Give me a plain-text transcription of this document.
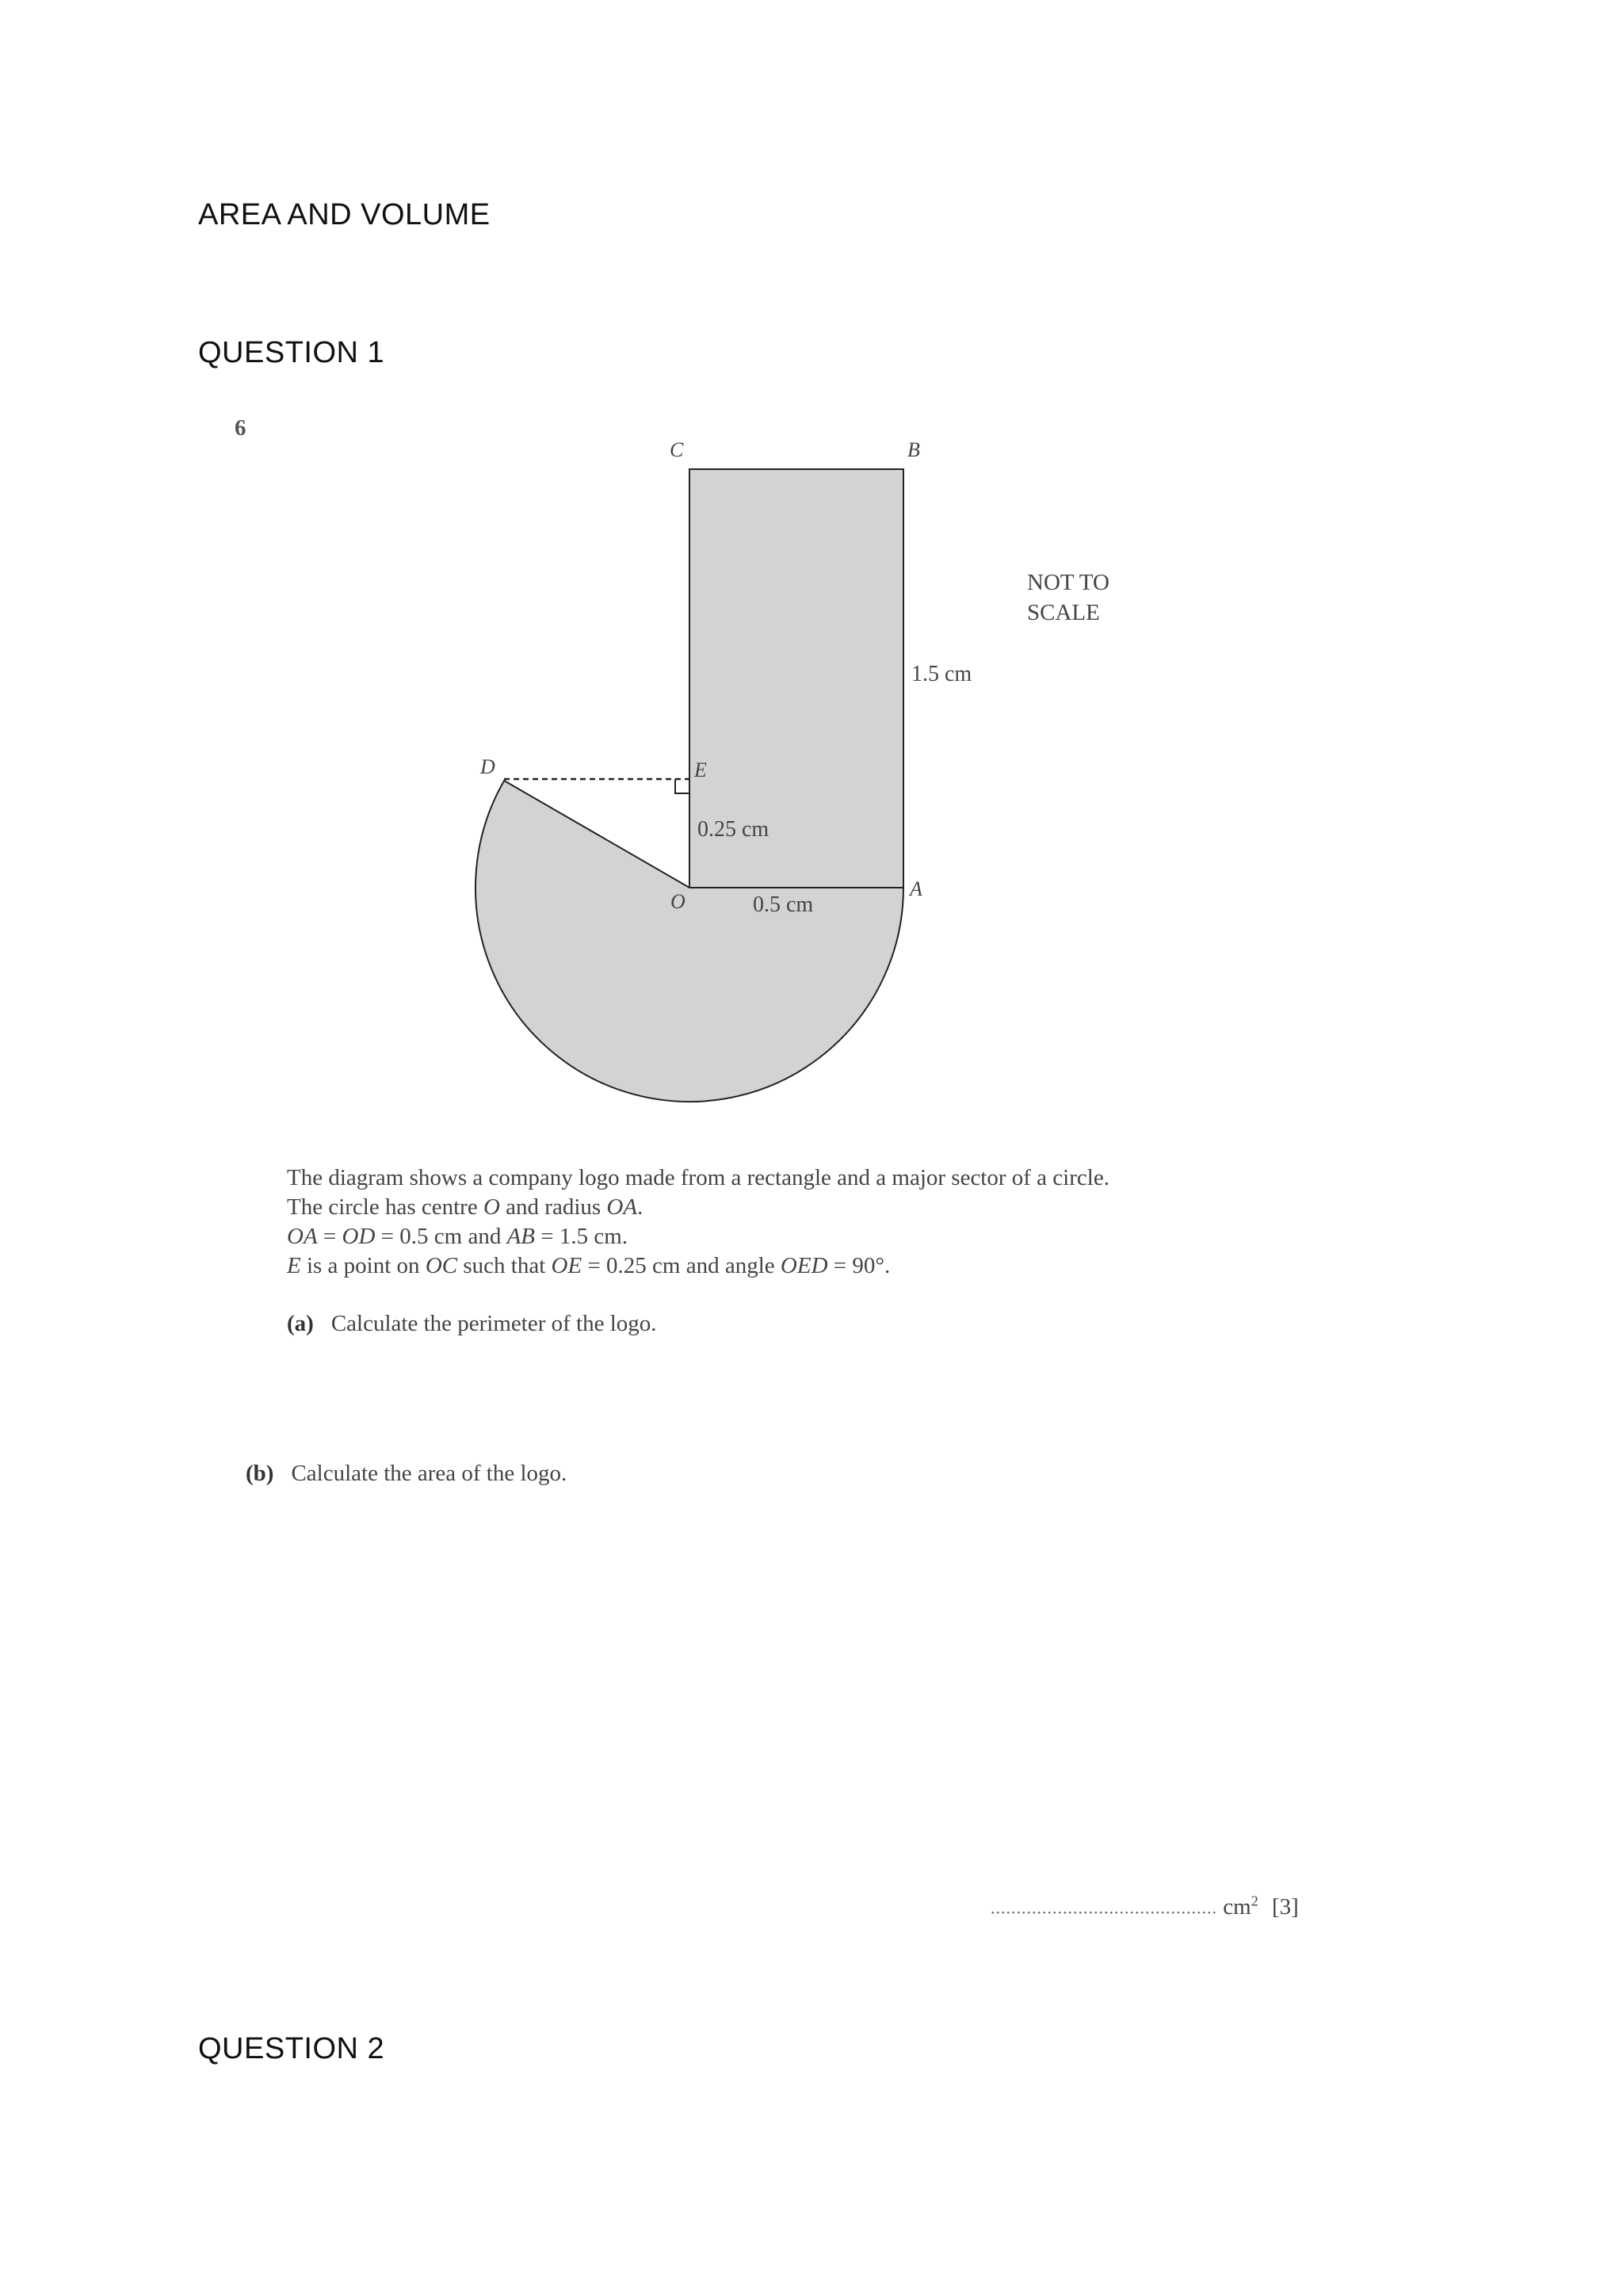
AREA AND VOLUME
QUESTION 1
6
C	B
D	E
O
A
1.5 cm
0.25 cm
0.5 cm
NOT TO
SCALE
The diagram shows a company logo made from a rectangle and a major sector of a circle.
The circle has centre O and radius OA.
OA = OD = 0.5 cm and AB = 1.5 cm.
E is a point on OC such that OE = 0.25 cm and angle OED = 90°.
(a) Calculate the perimeter of the logo.
(b) Calculate the area of the logo.
............................................ $cm^2$ [3]
QUESTION 2
